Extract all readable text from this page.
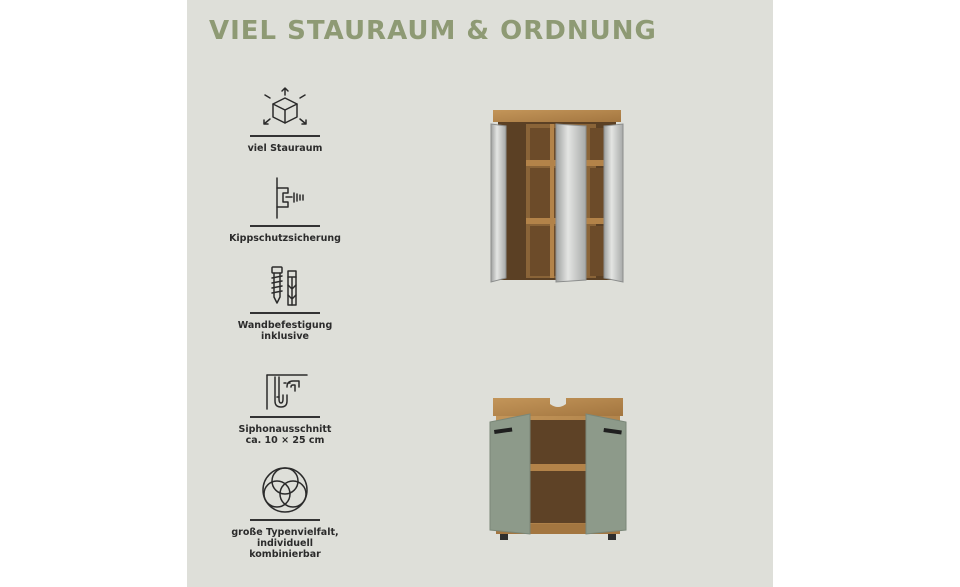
VIEL STAURAUM & ORDNUNG
viel Stauraum
Kippschutzsicherung
Wandbefestigung
inklusive
Siphonausschnitt
ca. 10 × 25 cm
große Typenvielfalt,
individuell kombinierbar
